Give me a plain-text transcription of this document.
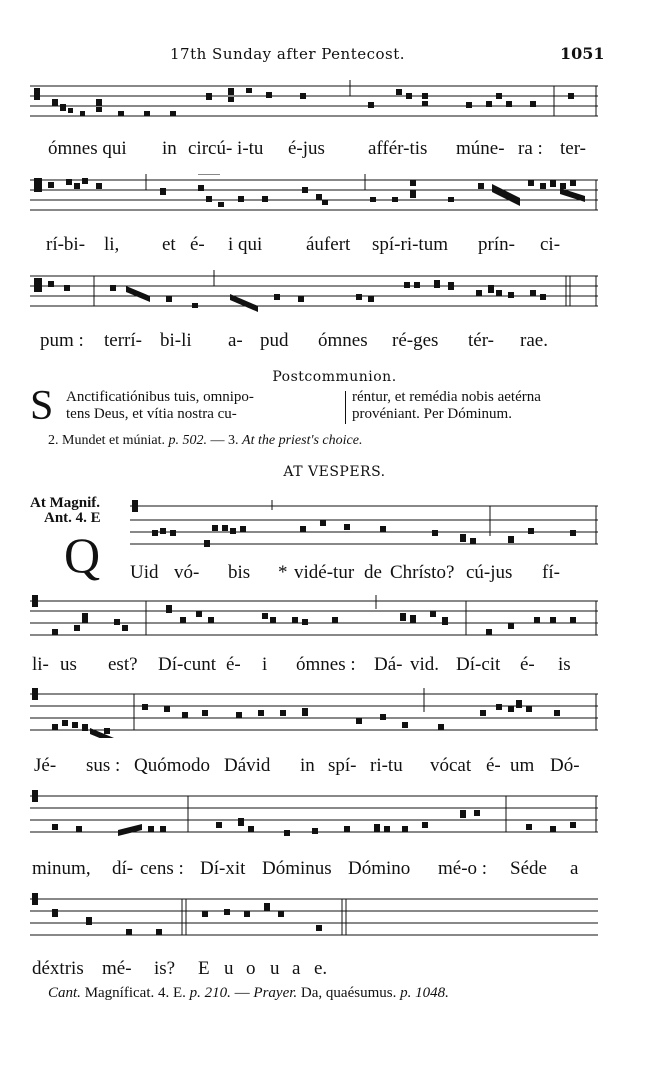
17th Sunday after Pentecost.	1051
ómnes qui in circú- i-tu é-jus affér-tis múne- ra : ter-
rí-bi- li, et é- i qui áufert spí-ri-tum prín- ci-
pum : terrí- bi-li a- pud ómnes ré-ges tér- rae.
Postcommunion.
S Anctificatiónibus tuis, omnipo-
tens Deus, et vítia nostra cu-
réntur, et remédia nobis aetérna
provéniant. Per Dóminum.
2. Mundet et múniat. p. 502. — 3. At the priest's choice.
AT VESPERS.
At Magnif.
Ant. 4. E
Q Uid vó- bis * vidé-tur de Chrísto? cú-jus fí-
li- us est? Dí-cunt é- i ómnes : Dá- vid. Dí-cit é- is
Jé- sus : Quómodo Dávid in spí- ri-tu vócat é- um Dó-
minum, dí- cens : Dí-xit Dóminus Dómino mé-o : Séde a
déxtris mé- is? E u o u a e.
Cant. Magníficat. 4. E. p. 210. — Prayer. Da, quaésumus. p. 1048.
